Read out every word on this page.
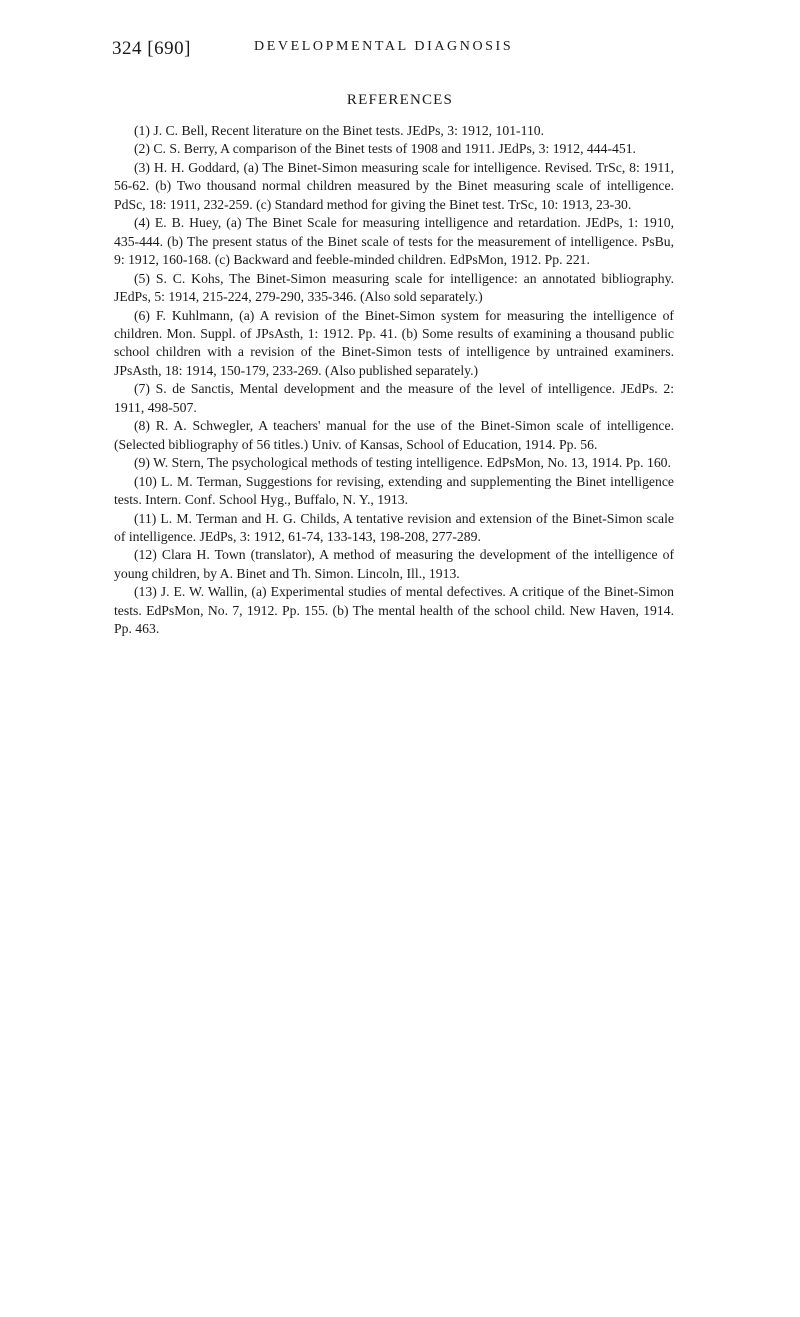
324 [690]	DEVELOPMENTAL DIAGNOSIS
REFERENCES

(1) J. C. Bell, Recent literature on the Binet tests. JEdPs, 3: 1912, 101-110.

(2) C. S. Berry, A comparison of the Binet tests of 1908 and 1911. JEdPs, 3: 1912, 444-451.

(3) H. H. Goddard, (a) The Binet-Simon measuring scale for intelligence. Revised. TrSc, 8: 1911, 56-62. (b) Two thousand normal children measured by the Binet measuring scale of intelligence. PdSc, 18: 1911, 232-259. (c) Standard method for giving the Binet test. TrSc, 10: 1913, 23-30.

(4) E. B. Huey, (a) The Binet Scale for measuring intelligence and retardation. JEdPs, 1: 1910, 435-444. (b) The present status of the Binet scale of tests for the measurement of intelligence. PsBu, 9: 1912, 160-168. (c) Backward and feeble-minded children. EdPsMon, 1912. Pp. 221.

(5) S. C. Kohs, The Binet-Simon measuring scale for intelligence: an annotated bibliography. JEdPs, 5: 1914, 215-224, 279-290, 335-346. (Also sold separately.)

(6) F. Kuhlmann, (a) A revision of the Binet-Simon system for measuring the intelligence of children. Mon. Suppl. of JPsAsth, 1: 1912. Pp. 41. (b) Some results of examining a thousand public school children with a revision of the Binet-Simon tests of intelligence by untrained examiners. JPsAsth, 18: 1914, 150-179, 233-269. (Also published separately.)

(7) S. de Sanctis, Mental development and the measure of the level of intelligence. JEdPs. 2: 1911, 498-507.

(8) R. A. Schwegler, A teachers' manual for the use of the Binet-Simon scale of intelligence. (Selected bibliography of 56 titles.) Univ. of Kansas, School of Education, 1914. Pp. 56.

(9) W. Stern, The psychological methods of testing intelligence. EdPsMon, No. 13, 1914. Pp. 160.

(10) L. M. Terman, Suggestions for revising, extending and supplementing the Binet intelligence tests. Intern. Conf. School Hyg., Buffalo, N. Y., 1913.

(11) L. M. Terman and H. G. Childs, A tentative revision and extension of the Binet-Simon scale of intelligence. JEdPs, 3: 1912, 61-74, 133-143, 198-208, 277-289.

(12) Clara H. Town (translator), A method of measuring the development of the intelligence of young children, by A. Binet and Th. Simon. Lincoln, Ill., 1913.

(13) J. E. W. Wallin, (a) Experimental studies of mental defectives. A critique of the Binet-Simon tests. EdPsMon, No. 7, 1912. Pp. 155. (b) The mental health of the school child. New Haven, 1914. Pp. 463.
